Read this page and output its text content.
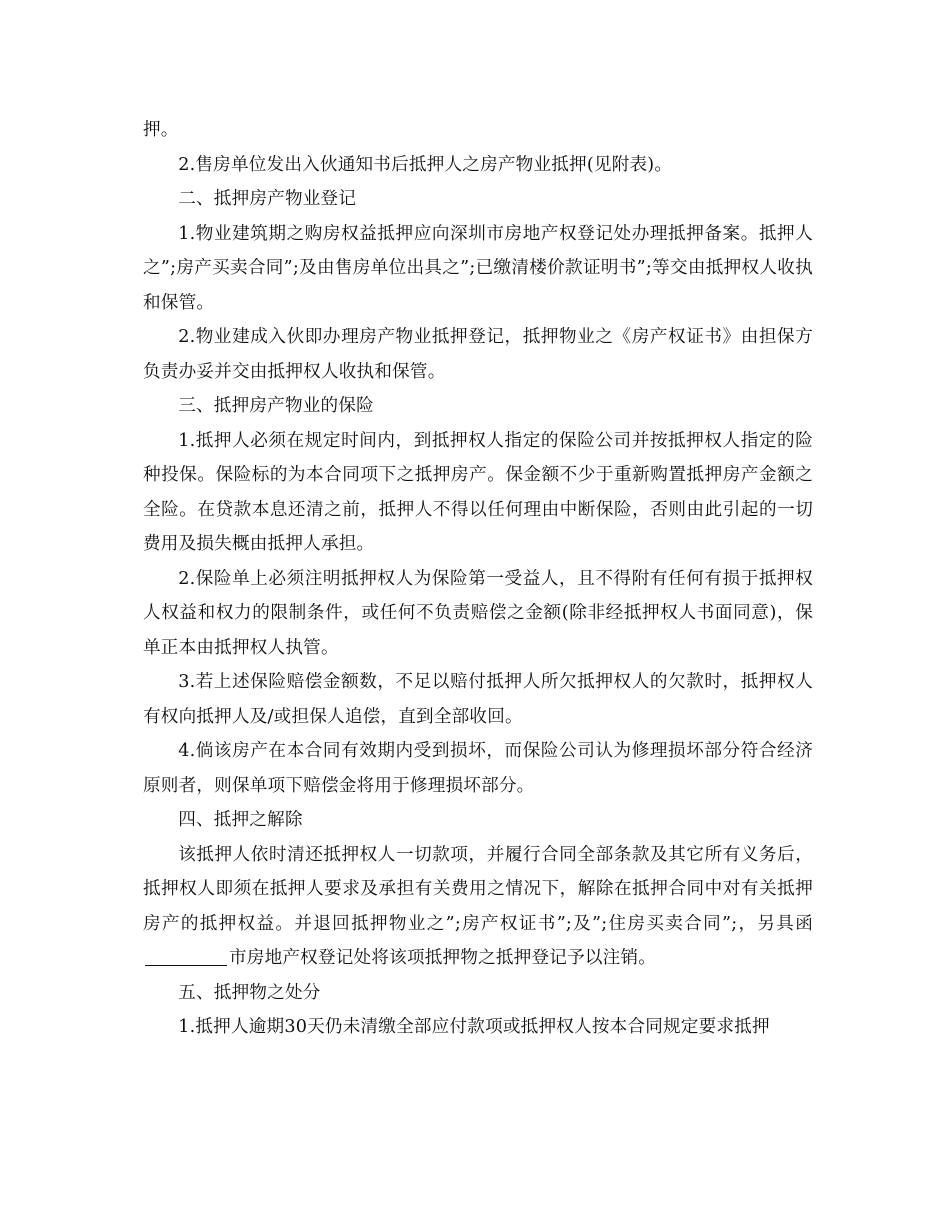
押。

2.售房单位发出入伙通知书后抵押人之房产物业抵押(见附表)。

二、抵押房产物业登记

1.物业建筑期之购房权益抵押应向深圳市房地产权登记处办理抵押备案。抵押人之”;房产买卖合同”;及由售房单位出具之”;已缴清楼价款证明书”;等交由抵押权人收执和保管。

2.物业建成入伙即办理房产物业抵押登记，抵押物业之《房产权证书》由担保方负责办妥并交由抵押权人收执和保管。

三、抵押房产物业的保险

1.抵押人必须在规定时间内，到抵押权人指定的保险公司并按抵押权人指定的险种投保。保险标的为本合同项下之抵押房产。保金额不少于重新购置抵押房产金额之全险。在贷款本息还清之前，抵押人不得以任何理由中断保险，否则由此引起的一切费用及损失概由抵押人承担。

2.保险单上必须注明抵押权人为保险第一受益人，且不得附有任何有损于抵押权人权益和权力的限制条件，或任何不负责赔偿之金额(除非经抵押权人书面同意)，保单正本由抵押权人执管。

3.若上述保险赔偿金额数，不足以赔付抵押人所欠抵押权人的欠款时，抵押权人有权向抵押人及/或担保人追偿，直到全部收回。

4.倘该房产在本合同有效期内受到损坏，而保险公司认为修理损坏部分符合经济原则者，则保单项下赔偿金将用于修理损坏部分。

四、抵押之解除

该抵押人依时清还抵押权人一切款项，并履行合同全部条款及其它所有义务后，抵押权人即须在抵押人要求及承担有关费用之情况下，解除在抵押合同中对有关抵押房产的抵押权益。并退回抵押物业之”;房产权证书”;及”;住房买卖合同”;，另具函市房地产权登记处将该项抵押物之抵押登记予以注销。

五、抵押物之处分

1.抵押人逾期30天仍未清缴全部应付款项或抵押权人按本合同规定要求抵押
